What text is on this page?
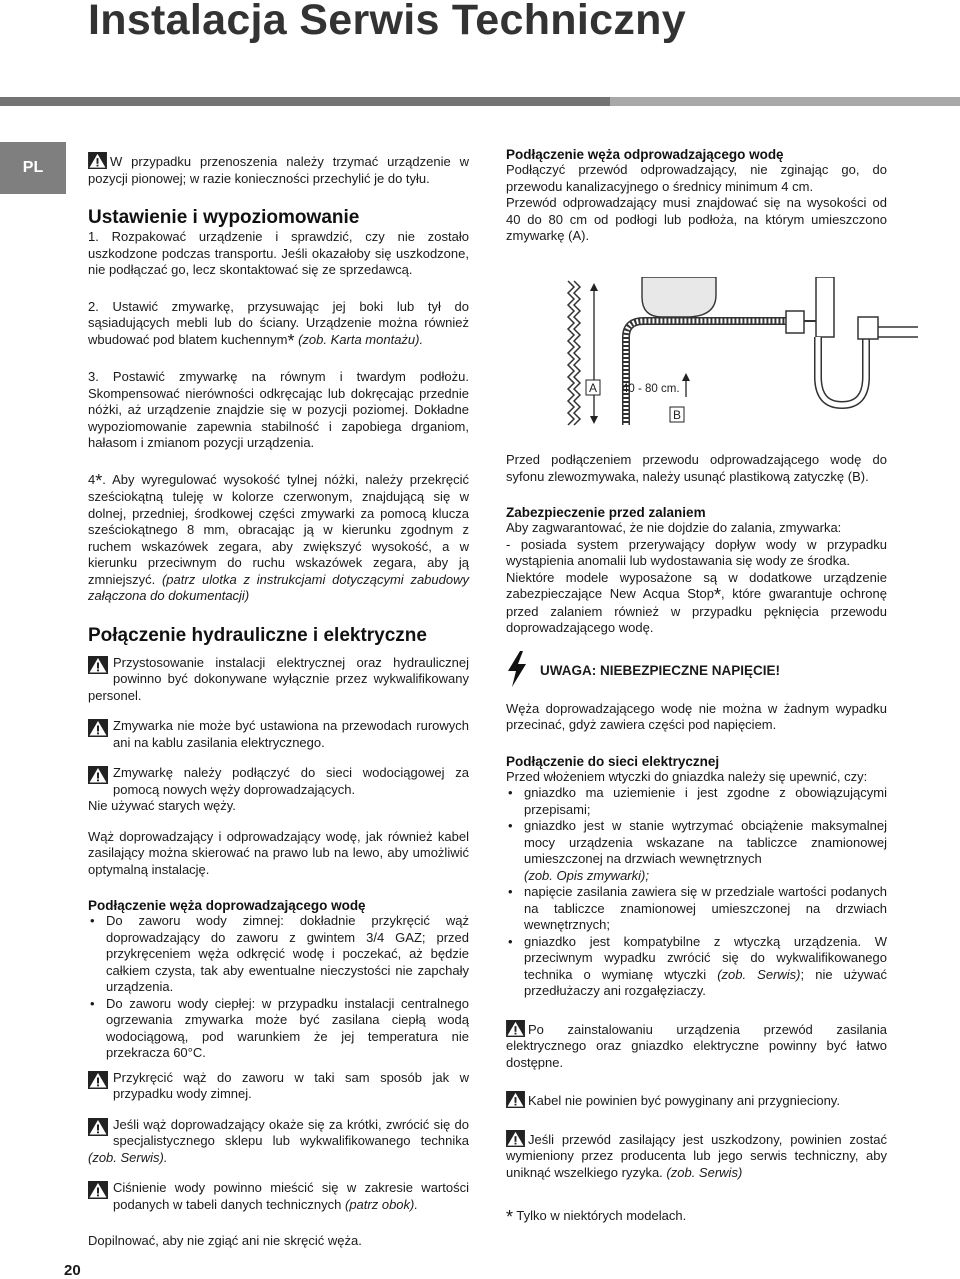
Instalacja Serwis Techniczny
PL	W przypadku przenoszenia należy trzymać urządzenie w pozycji pionowej; w razie konieczności przechylić je do tyłu.

Ustawienie i wypoziomowanie

1. Rozpakować urządzenie i sprawdzić, czy nie zostało uszkodzone podczas transportu. Jeśli okazałoby się uszkodzone, nie podłączać go, lecz skontaktować się ze sprzedawcą.

2. Ustawić zmywarkę, przysuwając jej boki lub tył do sąsiadujących mebli lub do ściany. Urządzenie można również wbudować pod blatem kuchennym* (zob. Karta montażu).

3. Postawić zmywarkę na równym i twardym podłożu. Skompensować nierówności odkręcając lub dokręcając przednie nóżki, aż urządzenie znajdzie się w pozycji poziomej. Dokładne wypoziomowanie zapewnia stabilność i zapobiega drganiom, hałasom i zmianom pozycji urządzenia.

4*. Aby wyregulować wysokość tylnej nóżki, należy przekręcić sześciokątną tuleję w kolorze czerwonym, znajdującą się w dolnej, przedniej, środkowej części zmywarki za pomocą klucza sześciokątnego 8 mm, obracając ją w kierunku zgodnym z ruchem wskazówek zegara, aby zwiększyć wysokość, a w kierunku przeciwnym do ruchu wskazówek zegara, aby ją zmniejszyć. (patrz ulotka z instrukcjami dotyczącymi zabudowy załączona do dokumentacji)

Połączenie hydrauliczne i elektryczne

Przystosowanie instalacji elektrycznej oraz hydraulicznej powinno być dokonywane wyłącznie przez wykwalifikowany personel.

Zmywarka nie może być ustawiona na przewodach rurowych ani na kablu zasilania elektrycznego.

Zmywarkę należy podłączyć do sieci wodociągowej za pomocą nowych węży doprowadzających.

Nie używać starych węży.

Wąż doprowadzający i odprowadzający wodę, jak również kabel zasilający można skierować na prawo lub na lewo, aby umożliwić optymalną instalację.

Podłączenie węża doprowadzającego wodę
• Do zaworu wody zimnej: dokładnie przykręcić wąż doprowadzający do zaworu z gwintem 3/4 GAZ; przed przykręceniem węża odkręcić wodę i poczekać, aż będzie całkiem czysta, tak aby ewentualne nieczystości nie zapchały urządzenia.
• Do zaworu wody ciepłej: w przypadku instalacji centralnego ogrzewania zmywarka może być zasilana ciepłą wodą wodociągową, pod warunkiem że jej temperatura nie przekracza 60°C.

Przykręcić wąż do zaworu w taki sam sposób jak w przypadku wody zimnej.

Jeśli wąż doprowadzający okaże się za krótki, zwrócić się do specjalistycznego sklepu lub wykwalifikowanego technika (zob. Serwis).

Ciśnienie wody powinno mieścić się w zakresie wartości podanych w tabeli danych technicznych (patrz obok).

Dopilnować, aby nie zgiąć ani nie skręcić węża.

Podłączenie węża odprowadzającego wodę

Podłączyć przewód odprowadzający, nie zginając go, do przewodu kanalizacyjnego o średnicy minimum 4 cm.

Przewód odprowadzający musi znajdować się na wysokości od 40 do 80 cm od podłogi lub podłoża, na którym umieszczono zmywarkę (A).

A 40 - 80 cm.
B

Przed podłączeniem przewodu odprowadzającego wodę do syfonu zlewozmywaka, należy usunąć plastikową zatyczkę (B).

Zabezpieczenie przed zalaniem

Aby zagwarantować, że nie dojdzie do zalania, zmywarka:

- posiada system przerywający dopływ wody w przypadku wystąpienia anomalii lub wydostawania się wody ze środka.

Niektóre modele wyposażone są w dodatkowe urządzenie zabezpieczające New Acqua Stop*, które gwarantuje ochronę przed zalaniem również w przypadku pęknięcia przewodu doprowadzającego wodę.

UWAGA: NIEBEZPIECZNE NAPIĘCIE!

Węża doprowadzającego wodę nie można w żadnym wypadku przecinać, gdyż zawiera części pod napięciem.

Podłączenie do sieci elektrycznej

Przed włożeniem wtyczki do gniazdka należy się upewnić, czy:

• gniazdko ma uziemienie i jest zgodne z obowiązującymi przepisami;
• gniazdko jest w stanie wytrzymać obciążenie maksymalnej mocy urządzenia wskazane na tabliczce znamionowej umieszczonej na drzwiach wewnętrznych
(zob. Opis zmywarki);
• napięcie zasilania zawiera się w przedziale wartości podanych na tabliczce znamionowej umieszczonej na drzwiach wewnętrznych;
• gniazdko jest kompatybilne z wtyczką urządzenia. W przeciwnym wypadku zwrócić się do wykwalifikowanego technika o wymianę wtyczki (zob. Serwis); nie używać przedłużaczy ani rozgałęziaczy.

Po zainstalowaniu urządzenia przewód zasilania elektrycznego oraz gniazdko elektryczne powinny być łatwo dostępne.

Kabel nie powinien być powyginany ani przygnieciony.

Jeśli przewód zasilający jest uszkodzony, powinien zostać wymieniony przez producenta lub jego serwis techniczny, aby uniknąć wszelkiego ryzyka. (zob. Serwis)

* Tylko w niektórych modelach.

20
